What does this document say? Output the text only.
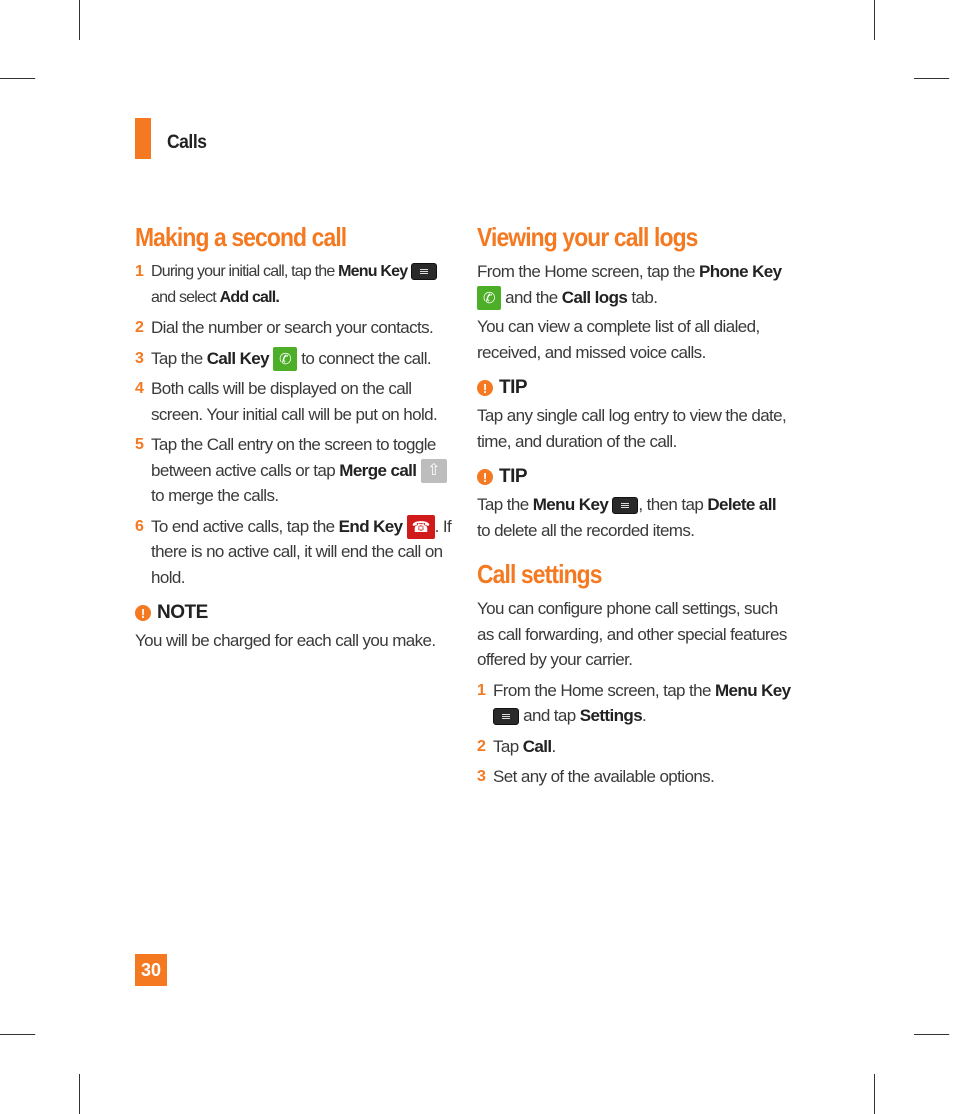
Calls
Making a second call
1 During your initial call, tap the Menu Key
and select Add call.
2 Dial the number or search your contacts.
3 Tap the Call Key ✆ to connect the call.
4 Both calls will be displayed on the call screen. Your initial call will be put on hold.
5 Tap the Call entry on the screen to toggle between active calls or tap Merge call ⇧ to merge the calls.
6 To end active calls, tap the End Key ☎ . If there is no active call, it will end the call on hold.
! NOTE
You will be charged for each call you make.
Viewing your call logs
From the Home screen, tap the Phone Key
✆ and the Call logs tab.
You can view a complete list of all dialed, received, and missed voice calls.
! TIP
Tap any single call log entry to view the date, time, and duration of the call.
! TIP
Tap the Menu Key , then tap Delete all to delete all the recorded items.
Call settings
You can configure phone call settings, such as call forwarding, and other special features offered by your carrier.
1 From the Home screen, tap the Menu Key
and tap Settings.
2 Tap Call.
3 Set any of the available options.
30
